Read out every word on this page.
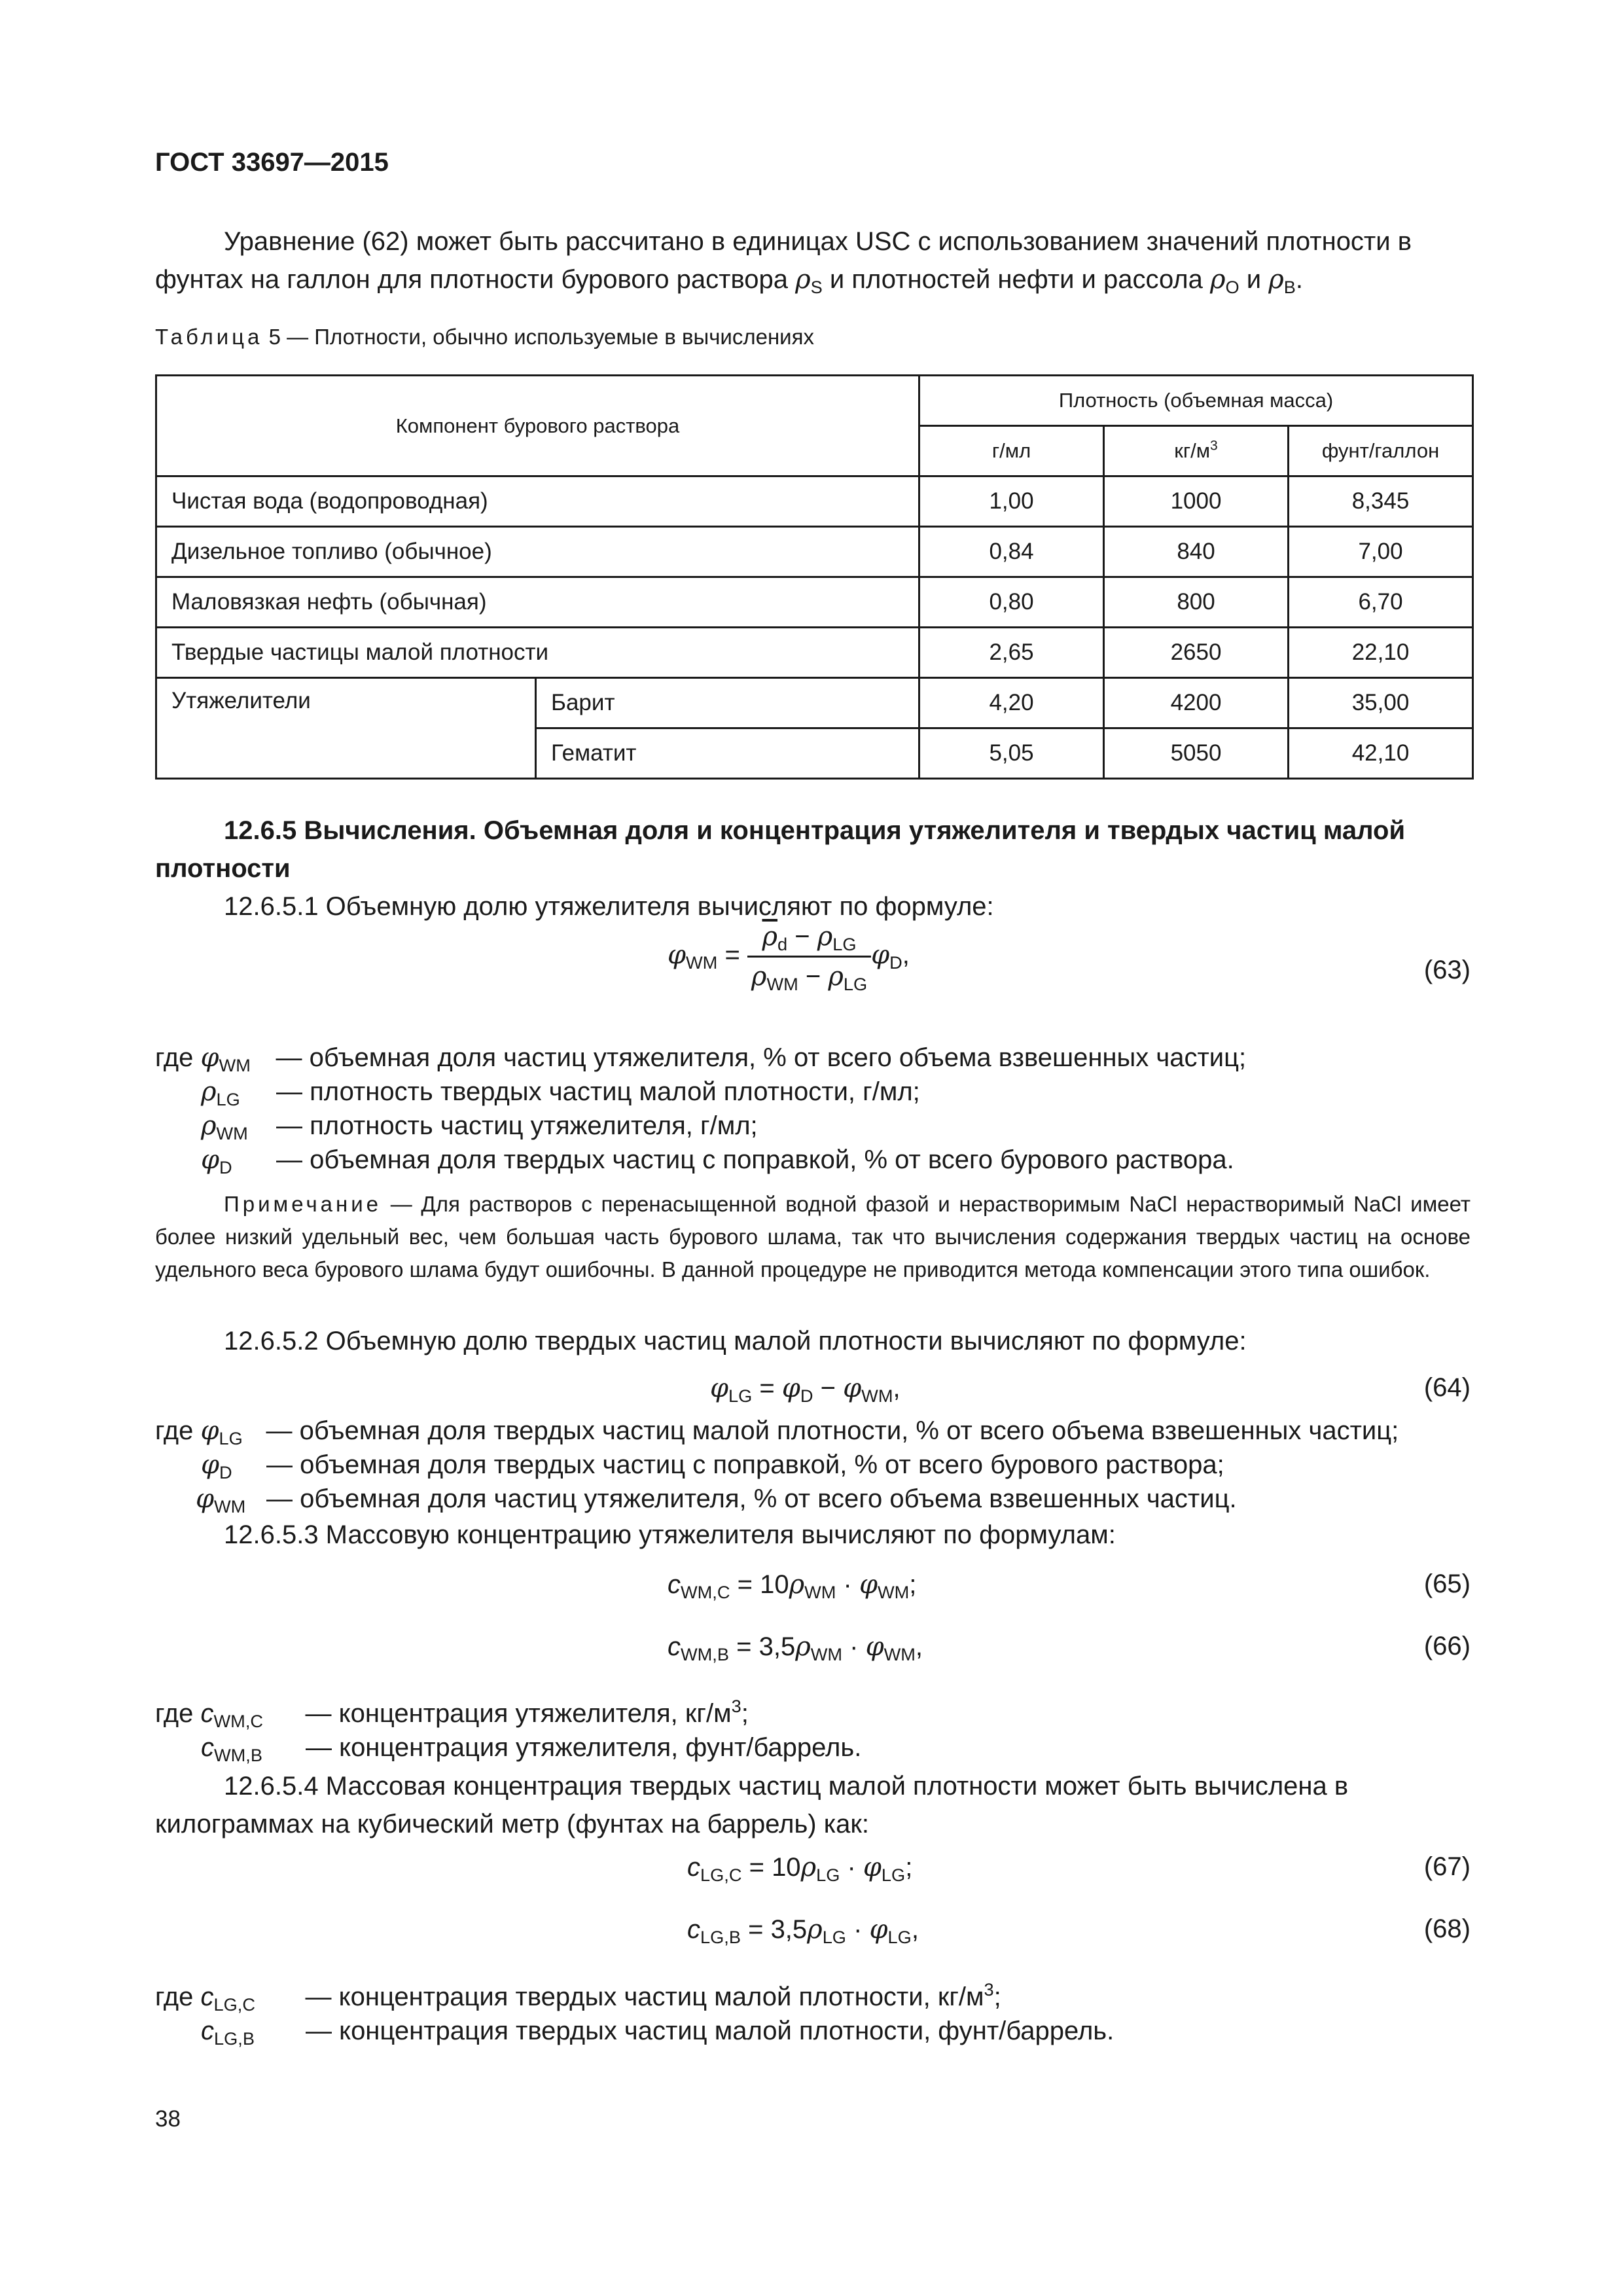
ГОСТ 33697—2015
Уравнение (62) может быть рассчитано в единицах USC с использованием значений плотности в фунтах на галлон для плотности бурового раствора $\rho_S$ и плотностей нефти и рассола $\rho_O$ и $\rho_B$.
Таблица 5 — Плотности, обычно используемые в вычислениях
Компонент бурового раствора		Плотность (объемная масса)		
		г/мл	$кг/м^3$	фунт/галлон
Чистая вода (водопроводная)		1,00	1000	8,345
Дизельное топливо (обычное)		0,84	840	7,00
Маловязкая нефть (обычная)		0,80	800	6,70
Твердые частицы малой плотности		2,65	2650	22,10
Утяжелители	Барит	4,20	4200	35,00
	Гематит	5,05	5050	42,10
12.6.5 Вычисления. Объемная доля и концентрация утяжелителя и твердых частиц малой плотности
12.6.5.1 Объемную долю утяжелителя вычисляют по формуле:
$\varphi_{WM} = \frac{\overline{\rho}_d - \rho_{LG}}{\rho_{WM} - \rho_{LG}} \varphi_D$,
(63)
где $\varphi_{WM}$ — объемная доля частиц утяжелителя, % от всего объема взвешенных частиц;
$\rho_{LG}$ — плотность твердых частиц малой плотности, г/мл;
$\rho_{WM}$ — плотность частиц утяжелителя, г/мл;
$\varphi_D$ — объемная доля твердых частиц с поправкой, % от всего бурового раствора.
Примечание — Для растворов с перенасыщенной водной фазой и нерастворимым NaCl нерастворимый NaCl имеет более низкий удельный вес, чем большая часть бурового шлама, так что вычисления содержания твердых частиц на основе удельного веса бурового шлама будут ошибочны. В данной процедуре не приводится метода компенсации этого типа ошибок.
12.6.5.2 Объемную долю твердых частиц малой плотности вычисляют по формуле:
$\varphi_{LG} = \varphi_D - \varphi_{WM}$,	(64)
где $\varphi_{LG}$ — объемная доля твердых частиц малой плотности, % от всего объема взвешенных частиц;
$\varphi_D$ — объемная доля твердых частиц с поправкой, % от всего бурового раствора;
$\varphi_{WM}$ — объемная доля частиц утяжелителя, % от всего объема взвешенных частиц.
12.6.5.3 Массовую концентрацию утяжелителя вычисляют по формулам:
$c_{WM,C} = 10\rho_{WM} \cdot \varphi_{WM}$;	(65)
$c_{WM,B} = 3,5\rho_{WM} \cdot \varphi_{WM}$,	(66)
где $c_{WM,C}$ — концентрация утяжелителя, $кг/м^3$;
$c_{WM,B}$ — концентрация утяжелителя, фунт/баррель.
12.6.5.4 Массовая концентрация твердых частиц малой плотности может быть вычислена в килограммах на кубический метр (фунтах на баррель) как:
$c_{LG,C} = 10\rho_{LG} \cdot \varphi_{LG}$;	(67)
$c_{LG,B} = 3,5\rho_{LG} \cdot \varphi_{LG}$,	(68)
где $c_{LG,C}$ — концентрация твердых частиц малой плотности, $кг/м^3$;
$c_{LG,B}$ — концентрация твердых частиц малой плотности, фунт/баррель.
38
